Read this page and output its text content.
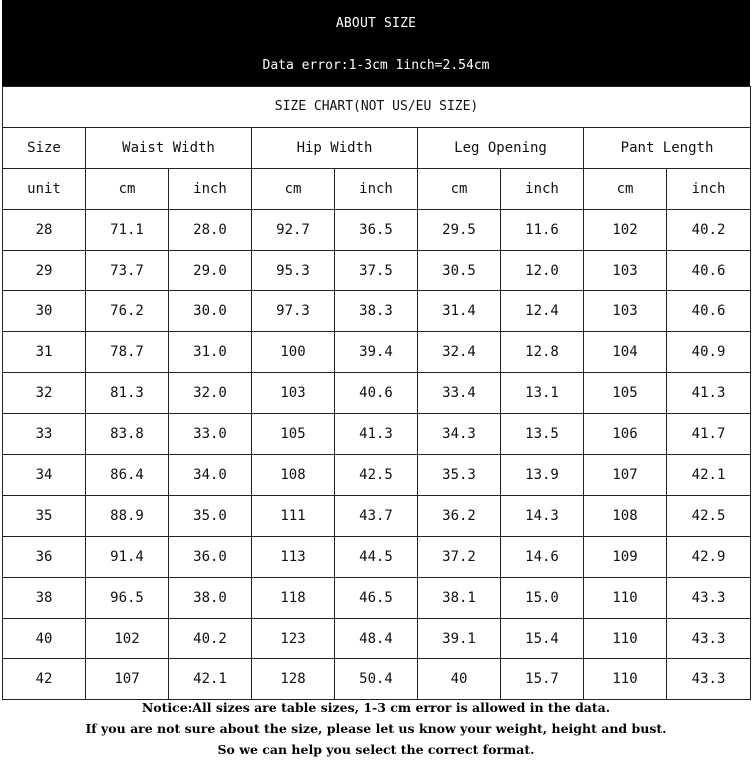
ABOUT SIZE
Data error:1-3cm 1inch=2.54cm
SIZE CHART(NOT US/EU SIZE)								
Size	Waist Width		Hip Width		Leg Opening		Pant Length	
unit	cm	inch	cm	inch	cm	inch	cm	inch
28	71.1	28.0	92.7	36.5	29.5	11.6	102	40.2
29	73.7	29.0	95.3	37.5	30.5	12.0	103	40.6
30	76.2	30.0	97.3	38.3	31.4	12.4	103	40.6
31	78.7	31.0	100	39.4	32.4	12.8	104	40.9
32	81.3	32.0	103	40.6	33.4	13.1	105	41.3
33	83.8	33.0	105	41.3	34.3	13.5	106	41.7
34	86.4	34.0	108	42.5	35.3	13.9	107	42.1
35	88.9	35.0	111	43.7	36.2	14.3	108	42.5
36	91.4	36.0	113	44.5	37.2	14.6	109	42.9
38	96.5	38.0	118	46.5	38.1	15.0	110	43.3
40	102	40.2	123	48.4	39.1	15.4	110	43.3
42	107	42.1	128	50.4	40	15.7	110	43.3
Notice:All sizes are table sizes, 1-3 cm error is allowed in the data.
If you are not sure about the size, please let us know your weight, height and bust.
So we can help you select the correct format.
